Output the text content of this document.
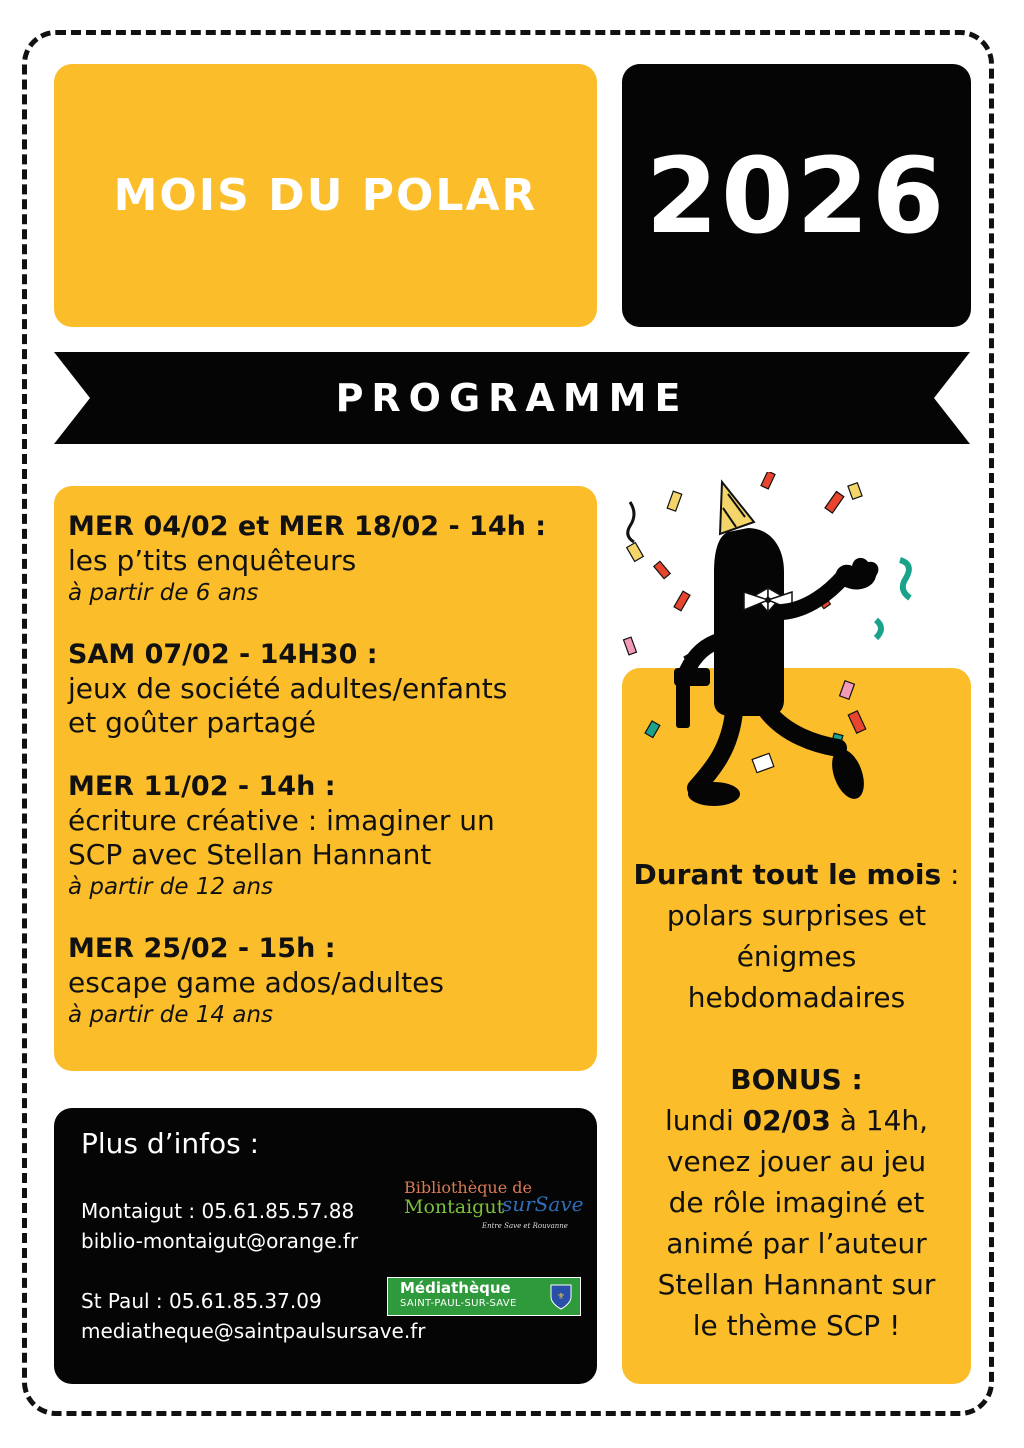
MOIS DU POLAR 2026
PROGRAMME
MER 04/02 et MER 18/02 - 14h :
les p’tits enquêteurs
à partir de 6 ans
SAM 07/02 - 14H30 :
jeux de société adultes/enfants
et goûter partagé
MER 11/02 - 14h :
écriture créative : imaginer un
SCP avec Stellan Hannant
à partir de 12 ans
MER 25/02 - 15h :
escape game ados/adultes
à partir de 14 ans
Plus d’infos :
Montaigut : 05.61.85.57.88
biblio-montaigut@orange.fr
St Paul : 05.61.85.37.09
mediatheque@saintpaulsursave.fr
Bibliothèque de
Montaigut
surSave
Entre Save et Rouvanne
Médiathèque
SAINT-PAUL-SUR-SAVE
⚜
Durant tout le mois :
polars surprises et
énigmes
hebdomadaires
BONUS :
lundi 02/03 à 14h,
venez jouer au jeu
de rôle imaginé et
animé par l’auteur
Stellan Hannant sur
le thème SCP !
